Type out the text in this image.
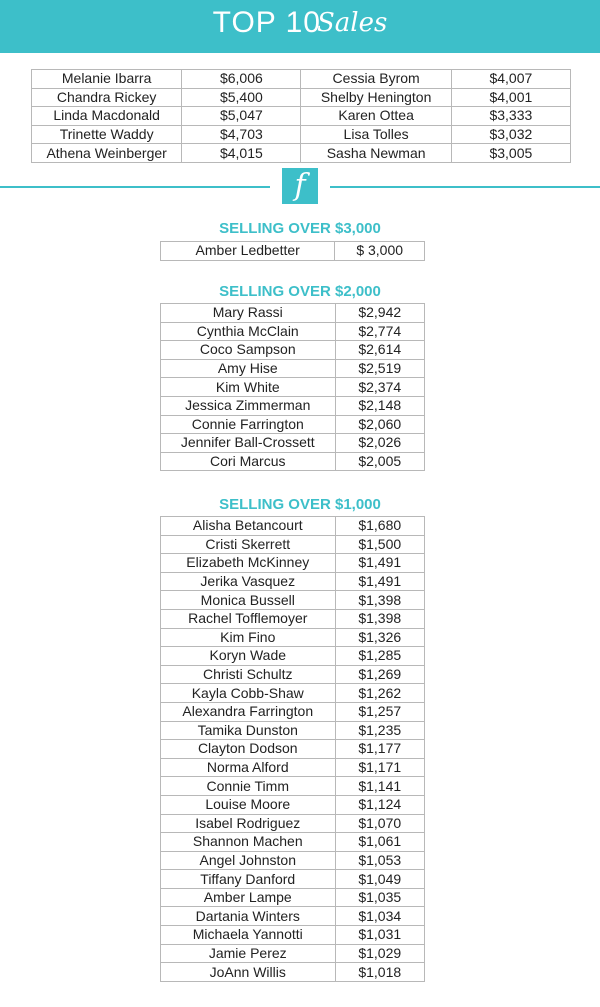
TOP 10Sales
Melanie Ibarra	$6,006	Cessia Byrom	$4,007
Chandra Rickey	$5,400	Shelby Henington	$4,001
Linda Macdonald	$5,047	Karen Ottea	$3,333
Trinette Waddy	$4,703	Lisa Tolles	$3,032
Athena Weinberger	$4,015	Sasha Newman	$3,005
f
SELLING OVER $3,000
Amber Ledbetter	$ 3,000
SELLING OVER $2,000
Mary Rassi	$2,942
Cynthia McClain	$2,774
Coco Sampson	$2,614
Amy Hise	$2,519
Kim White	$2,374
Jessica Zimmerman	$2,148
Connie Farrington	$2,060
Jennifer Ball-Crossett	$2,026
Cori Marcus	$2,005
SELLING OVER $1,000
Alisha Betancourt	$1,680
Cristi Skerrett	$1,500
Elizabeth McKinney	$1,491
Jerika Vasquez	$1,491
Monica Bussell	$1,398
Rachel Tofflemoyer	$1,398
Kim Fino	$1,326
Koryn Wade	$1,285
Christi Schultz	$1,269
Kayla Cobb-Shaw	$1,262
Alexandra Farrington	$1,257
Tamika Dunston	$1,235
Clayton Dodson	$1,177
Norma Alford	$1,171
Connie Timm	$1,141
Louise Moore	$1,124
Isabel Rodriguez	$1,070
Shannon Machen	$1,061
Angel Johnston	$1,053
Tiffany Danford	$1,049
Amber Lampe	$1,035
Dartania Winters	$1,034
Michaela Yannotti	$1,031
Jamie Perez	$1,029
JoAnn Willis	$1,018
